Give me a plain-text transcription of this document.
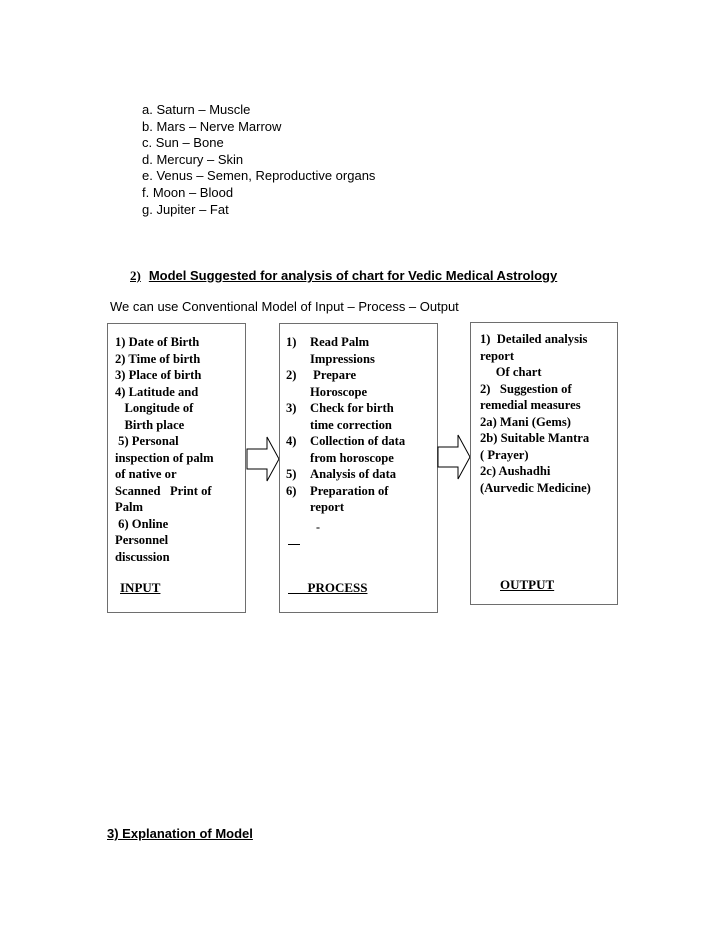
a. Saturn – Muscle
b. Mars – Nerve Marrow
c. Sun – Bone
d. Mercury – Skin
e. Venus – Semen, Reproductive organs
f. Moon – Blood
g. Jupiter – Fat
2) Model Suggested for analysis of chart for Vedic Medical Astrology
We can use Conventional Model of Input – Process – Output
1) Date of Birth
2) Time of birth
3) Place of birth
4) Latitude and
Longitude of
Birth place
5) Personal
inspection of palm
of native or
Scanned   Print of
Palm
6) Online
Personnel
discussion
INPUT
1)	Read Palm
Impressions
2)	Prepare
Horoscope
3)	Check for birth
time correction
4)	Collection of data
from horoscope
5)	Analysis of data
6)	Preparation of
report
-
PROCESS
1)  Detailed analysis
report
Of chart
2)   Suggestion of
remedial measures
2a) Mani (Gems)
2b) Suitable Mantra
( Prayer)
2c) Aushadhi
(Aurvedic Medicine)
OUTPUT
3) Explanation of Model
